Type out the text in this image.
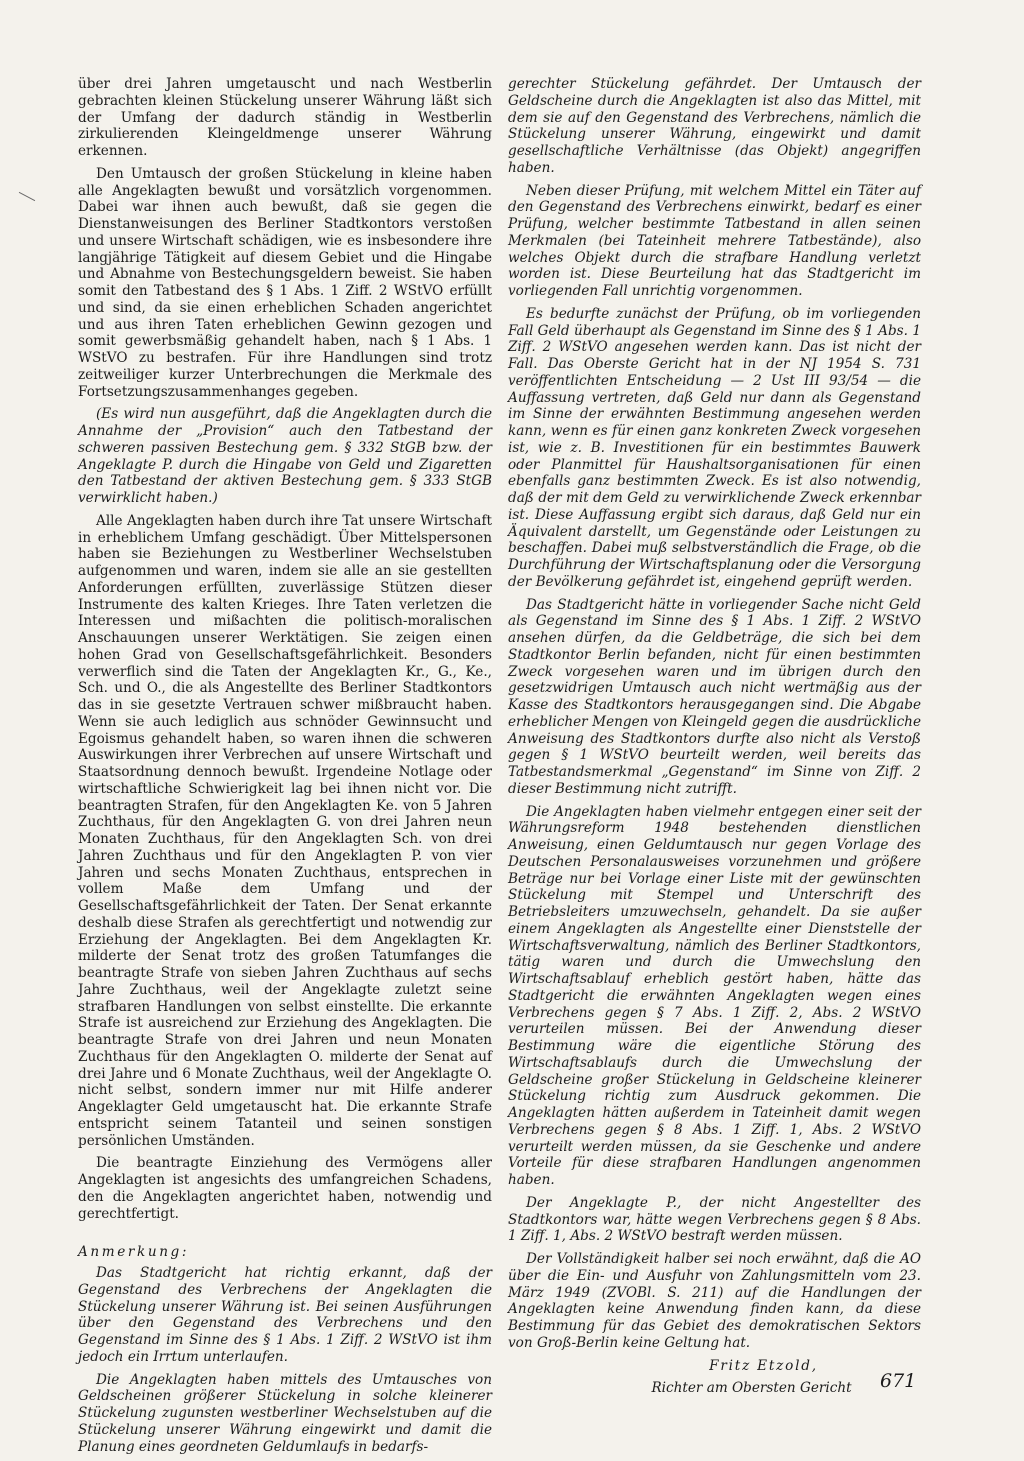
über drei Jahren umgetauscht und nach Westberlin gebrachten kleinen Stückelung unserer Währung läßt sich der Umfang der dadurch ständig in Westberlin zirkulierenden Kleingeldmenge unserer Währung erkennen.

Den Umtausch der großen Stückelung in kleine haben alle Angeklagten bewußt und vorsätzlich vorgenommen. Dabei war ihnen auch bewußt, daß sie gegen die Dienstanweisungen des Berliner Stadtkontors verstoßen und unsere Wirtschaft schädigen, wie es insbesondere ihre langjährige Tätigkeit auf diesem Gebiet und die Hingabe und Abnahme von Bestechungsgeldern beweist. Sie haben somit den Tatbestand des § 1 Abs. 1 Ziff. 2 WStVO erfüllt und sind, da sie einen erheblichen Schaden angerichtet und aus ihren Taten erheblichen Gewinn gezogen und somit gewerbsmäßig gehandelt haben, nach § 1 Abs. 1 WStVO zu bestrafen. Für ihre Handlungen sind trotz zeitweiliger kurzer Unterbrechungen die Merkmale des Fortsetzungszusammenhanges gegeben.

(Es wird nun ausgeführt, daß die Angeklagten durch die Annahme der „Provision“ auch den Tatbestand der schweren passiven Bestechung gem. § 332 StGB bzw. der Angeklagte P. durch die Hingabe von Geld und Zigaretten den Tatbestand der aktiven Bestechung gem. § 333 StGB verwirklicht haben.)

Alle Angeklagten haben durch ihre Tat unsere Wirtschaft in erheblichem Umfang geschädigt. Über Mittelspersonen haben sie Beziehungen zu Westberliner Wechselstuben aufgenommen und waren, indem sie alle an sie gestellten Anforderungen erfüllten, zuverlässige Stützen dieser Instrumente des kalten Krieges. Ihre Taten verletzen die Interessen und mißachten die politisch-moralischen Anschauungen unserer Werktätigen. Sie zeigen einen hohen Grad von Gesellschaftsgefährlichkeit. Besonders verwerflich sind die Taten der Angeklagten Kr., G., Ke., Sch. und O., die als Angestellte des Berliner Stadtkontors das in sie gesetzte Vertrauen schwer mißbraucht haben. Wenn sie auch lediglich aus schnöder Gewinnsucht und Egoismus gehandelt haben, so waren ihnen die schweren Auswirkungen ihrer Verbrechen auf unsere Wirtschaft und Staatsordnung dennoch bewußt. Irgendeine Notlage oder wirtschaftliche Schwierigkeit lag bei ihnen nicht vor. Die beantragten Strafen, für den Angeklagten Ke. von 5 Jahren Zuchthaus, für den Angeklagten G. von drei Jahren neun Monaten Zuchthaus, für den Angeklagten Sch. von drei Jahren Zuchthaus und für den Angeklagten P. von vier Jahren und sechs Monaten Zuchthaus, entsprechen in vollem Maße dem Umfang und der Gesellschaftsgefährlichkeit der Taten. Der Senat erkannte deshalb diese Strafen als gerechtfertigt und notwendig zur Erziehung der Angeklagten. Bei dem Angeklagten Kr. milderte der Senat trotz des großen Tatumfanges die beantragte Strafe von sieben Jahren Zuchthaus auf sechs Jahre Zuchthaus, weil der Angeklagte zuletzt seine strafbaren Handlungen von selbst einstellte. Die erkannte Strafe ist ausreichend zur Erziehung des Angeklagten. Die beantragte Strafe von drei Jahren und neun Monaten Zuchthaus für den Angeklagten O. milderte der Senat auf drei Jahre und 6 Monate Zuchthaus, weil der Angeklagte O. nicht selbst, sondern immer nur mit Hilfe anderer Angeklagter Geld umgetauscht hat. Die erkannte Strafe entspricht seinem Tatanteil und seinen sonstigen persönlichen Umständen.

Die beantragte Einziehung des Vermögens aller Angeklagten ist angesichts des umfangreichen Schadens, den die Angeklagten angerichtet haben, notwendig und gerechtfertigt.

Anmerkung:

Das Stadtgericht hat richtig erkannt, daß der Gegenstand des Verbrechens der Angeklagten die Stückelung unserer Währung ist. Bei seinen Ausführungen über den Gegenstand des Verbrechens und den Gegenstand im Sinne des § 1 Abs. 1 Ziff. 2 WStVO ist ihm jedoch ein Irrtum unterlaufen.

Die Angeklagten haben mittels des Umtausches von Geldscheinen größerer Stückelung in solche kleinerer Stückelung zugunsten westberliner Wechselstuben auf die Stückelung unserer Währung eingewirkt und damit die Planung eines geordneten Geldumlaufs in bedarfs-

gerechter Stückelung gefährdet. Der Umtausch der Geldscheine durch die Angeklagten ist also das Mittel, mit dem sie auf den Gegenstand des Verbrechens, nämlich die Stückelung unserer Währung, eingewirkt und damit gesellschaftliche Verhältnisse (das Objekt) angegriffen haben.

Neben dieser Prüfung, mit welchem Mittel ein Täter auf den Gegenstand des Verbrechens einwirkt, bedarf es einer Prüfung, welcher bestimmte Tatbestand in allen seinen Merkmalen (bei Tateinheit mehrere Tatbestände), also welches Objekt durch die strafbare Handlung verletzt worden ist. Diese Beurteilung hat das Stadtgericht im vorliegenden Fall unrichtig vorgenommen.

Es bedurfte zunächst der Prüfung, ob im vorliegenden Fall Geld überhaupt als Gegenstand im Sinne des § 1 Abs. 1 Ziff. 2 WStVO angesehen werden kann. Das ist nicht der Fall. Das Oberste Gericht hat in der NJ 1954 S. 731 veröffentlichten Entscheidung — 2 Ust III 93/54 — die Auffassung vertreten, daß Geld nur dann als Gegenstand im Sinne der erwähnten Bestimmung angesehen werden kann, wenn es für einen ganz konkreten Zweck vorgesehen ist, wie z. B. Investitionen für ein bestimmtes Bauwerk oder Planmittel für Haushaltsorganisationen für einen ebenfalls ganz bestimmten Zweck. Es ist also notwendig, daß der mit dem Geld zu verwirklichende Zweck erkennbar ist. Diese Auffassung ergibt sich daraus, daß Geld nur ein Äquivalent darstellt, um Gegenstände oder Leistungen zu beschaffen. Dabei muß selbstverständlich die Frage, ob die Durchführung der Wirtschaftsplanung oder die Versorgung der Bevölkerung gefährdet ist, eingehend geprüft werden.

Das Stadtgericht hätte in vorliegender Sache nicht Geld als Gegenstand im Sinne des § 1 Abs. 1 Ziff. 2 WStVO ansehen dürfen, da die Geldbeträge, die sich bei dem Stadtkontor Berlin befanden, nicht für einen bestimmten Zweck vorgesehen waren und im übrigen durch den gesetzwidrigen Umtausch auch nicht wertmäßig aus der Kasse des Stadtkontors herausgegangen sind. Die Abgabe erheblicher Mengen von Kleingeld gegen die ausdrückliche Anweisung des Stadtkontors durfte also nicht als Verstoß gegen § 1 WStVO beurteilt werden, weil bereits das Tatbestandsmerkmal „Gegenstand“ im Sinne von Ziff. 2 dieser Bestimmung nicht zutrifft.

Die Angeklagten haben vielmehr entgegen einer seit der Währungsreform 1948 bestehenden dienstlichen Anweisung, einen Geldumtausch nur gegen Vorlage des Deutschen Personalausweises vorzunehmen und größere Beträge nur bei Vorlage einer Liste mit der gewünschten Stückelung mit Stempel und Unterschrift des Betriebsleiters umzuwechseln, gehandelt. Da sie außer einem Angeklagten als Angestellte einer Dienststelle der Wirtschaftsverwaltung, nämlich des Berliner Stadtkontors, tätig waren und durch die Umwechslung den Wirtschaftsablauf erheblich gestört haben, hätte das Stadtgericht die erwähnten Angeklagten wegen eines Verbrechens gegen § 7 Abs. 1 Ziff. 2, Abs. 2 WStVO verurteilen müssen. Bei der Anwendung dieser Bestimmung wäre die eigentliche Störung des Wirtschaftsablaufs durch die Umwechslung der Geldscheine großer Stückelung in Geldscheine kleinerer Stückelung richtig zum Ausdruck gekommen. Die Angeklagten hätten außerdem in Tateinheit damit wegen Verbrechens gegen § 8 Abs. 1 Ziff. 1, Abs. 2 WStVO verurteilt werden müssen, da sie Geschenke und andere Vorteile für diese strafbaren Handlungen angenommen haben.

Der Angeklagte P., der nicht Angestellter des Stadtkontors war, hätte wegen Verbrechens gegen § 8 Abs. 1 Ziff. 1, Abs. 2 WStVO bestraft werden müssen.

Der Vollständigkeit halber sei noch erwähnt, daß die AO über die Ein- und Ausfuhr von Zahlungsmitteln vom 23. März 1949 (ZVOBl. S. 211) auf die Handlungen der Angeklagten keine Anwendung finden kann, da diese Bestimmung für das Gebiet des demokratischen Sektors von Groß-Berlin keine Geltung hat.

Fritz Etzold,

Richter am Obersten Gericht	671
